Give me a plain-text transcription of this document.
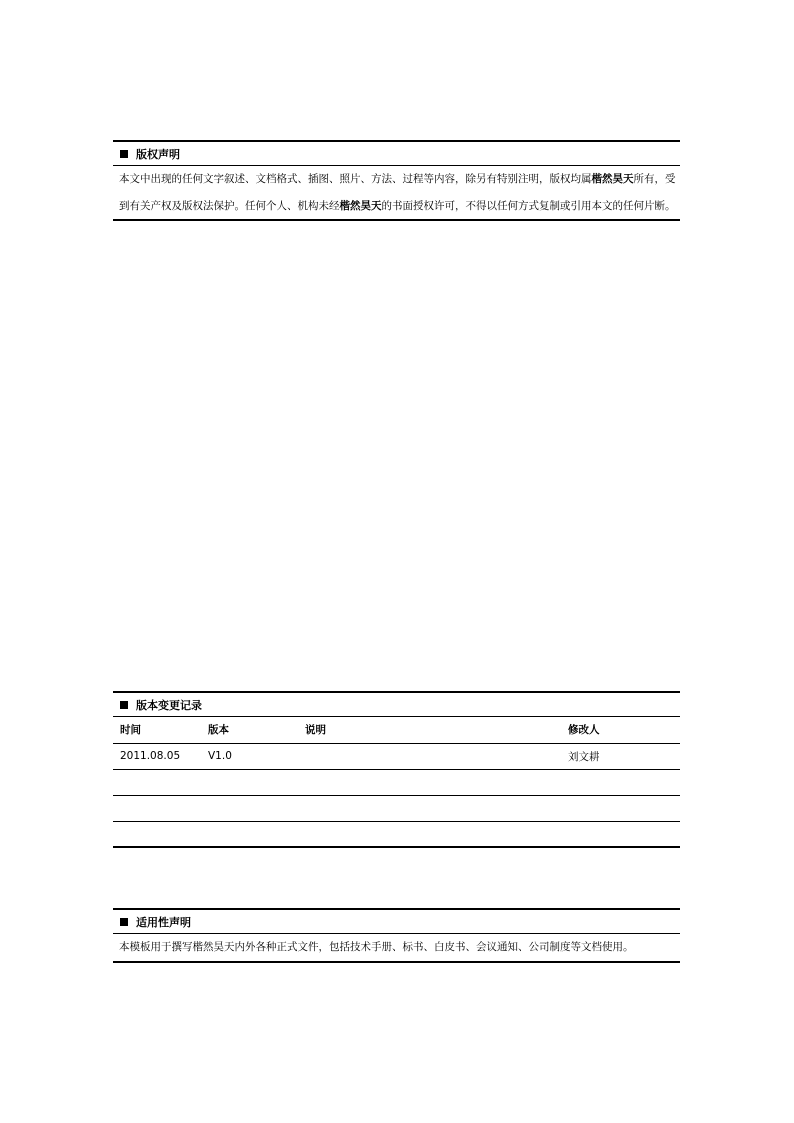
版权声明
本文中出现的任何文字叙述、文档格式、插图、照片、方法、过程等内容，除另有特别注明，版权均属楷然昊天所有，受到有关产权及版权法保护。任何个人、机构未经楷然昊天的书面授权许可，不得以任何方式复制或引用本文的任何片断。
版本变更记录
时间	版本	说明	修改人
2011.08.05	V1.0		刘文耕

适用性声明
本模板用于撰写楷然昊天内外各种正式文件，包括技术手册、标书、白皮书、会议通知、公司制度等文档使用。
